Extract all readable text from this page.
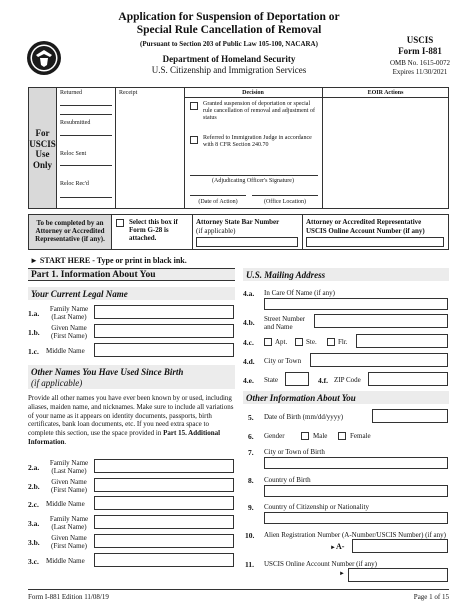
Application for Suspension of Deportation or
Special Rule Cancellation of Removal
(Pursuant to Section 203 of Public Law 105-100, NACARA)
Department of Homeland Security
U.S. Citizenship and Immigration Services
USCIS
Form I-881
OMB No. 1615-0072
Expires 11/30/2021
For
USCIS
Use
Only
Returned
Resubmitted
Reloc Sent
Reloc Rec'd
Receipt	Decision
Granted suspension of deportation or special rule cancellation of removal and adjustment of status
Referred to Immigration Judge in accordance with 8 CFR Section 240.70
(Adjudicating Officer's Signature)
(Date of Action)	(Office Location)
EOIR Actions
To be completed by an Attorney or Accredited Representative (if any).
Select this box if Form G-28 is attached.
Attorney State Bar Number
(if applicable)
Attorney or Accredited Representative
USCIS Online Account Number (if any)
► START HERE - Type or print in black ink.
Part 1. Information About You
Your Current Legal Name
1.a.	Family Name (Last Name)
1.b.	Given Name (First Name)
1.c. Middle Name
Other Names You Have Used Since Birth
(if applicable)
Provide all other names you have ever been known by or used, including aliases, maiden name, and nicknames. Make sure to include all variations of your name as it appears on identity documents, passports, birth certificates, bank loan documents, etc. If you need extra space to complete this section, use the space provided in Part 15. Additional Information.
2.a.	Family Name (Last Name)
2.b.	Given Name (First Name)
2.c. Middle Name
3.a.	Family Name (Last Name)
3.b.	Given Name (First Name)
3.c. Middle Name
U.S. Mailing Address
4.a. In Care Of Name (if any)
4.b. Street Number and Name
4.c.	Apt.	Ste.	Flr.
4.d. City or Town
4.e. State	4.f. ZIP Code
Other Information About You
5. Date of Birth (mm/dd/yyyy)
6. Gender	Male	Female
7. City or Town of Birth
8. Country of Birth
9. Country of Citizenship or Nationality
10. Alien Registration Number (A-Number/USCIS Number) (if any)
►A-
11. USCIS Online Account Number (if any)
►
Form I-881 Edition 11/08/19	Page 1 of 15
